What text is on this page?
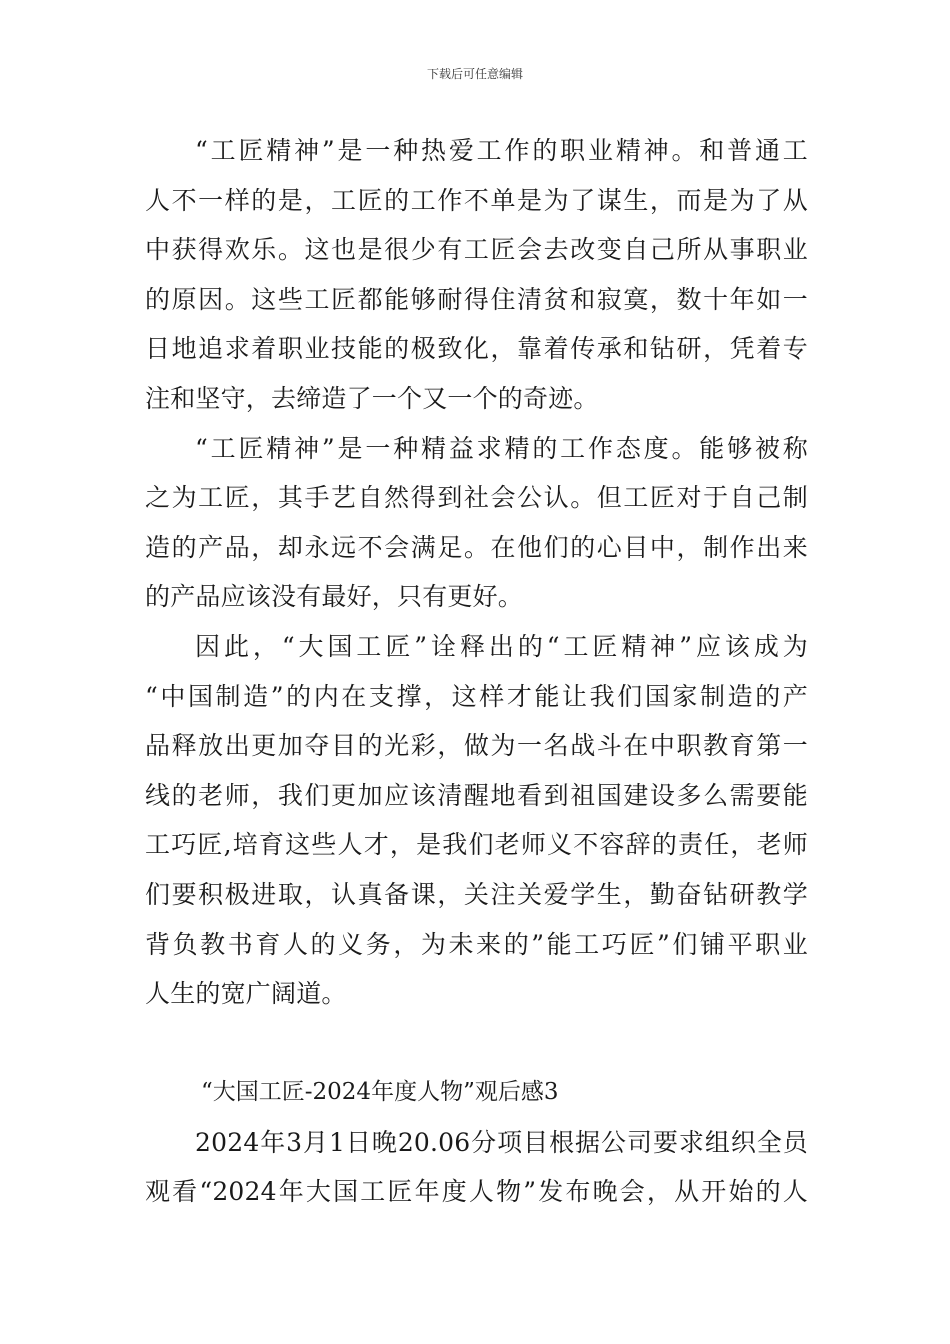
下载后可任意编辑
“工匠精神”是一种热爱工作的职业精神。和普通工
人不一样的是，工匠的工作不单是为了谋生，而是为了从
中获得欢乐。这也是很少有工匠会去改变自己所从事职业
的原因。这些工匠都能够耐得住清贫和寂寞，数十年如一
日地追求着职业技能的极致化，靠着传承和钻研，凭着专
注和坚守，去缔造了一个又一个的奇迹。
“工匠精神”是一种精益求精的工作态度。能够被称
之为工匠，其手艺自然得到社会公认。但工匠对于自己制
造的产品，却永远不会满足。在他们的心目中，制作出来
的产品应该没有最好，只有更好。
因此，“大国工匠”诠释出的“工匠精神”应该成为
“中国制造”的内在支撑，这样才能让我们国家制造的产
品释放出更加夺目的光彩，做为一名战斗在中职教育第一
线的老师，我们更加应该清醒地看到祖国建设多么需要能
工巧匠,培育这些人才，是我们老师义不容辞的责任，老师
们要积极进取，认真备课，关注关爱学生，勤奋钻研教学
背负教书育人的义务，为未来的”能工巧匠”们铺平职业
人生的宽广阔道。
“大国工匠-2024年度人物”观后感3
2024年3月1日晚20.06分项目根据公司要求组织全员
观看“2024年大国工匠年度人物”发布晚会，从开始的人
